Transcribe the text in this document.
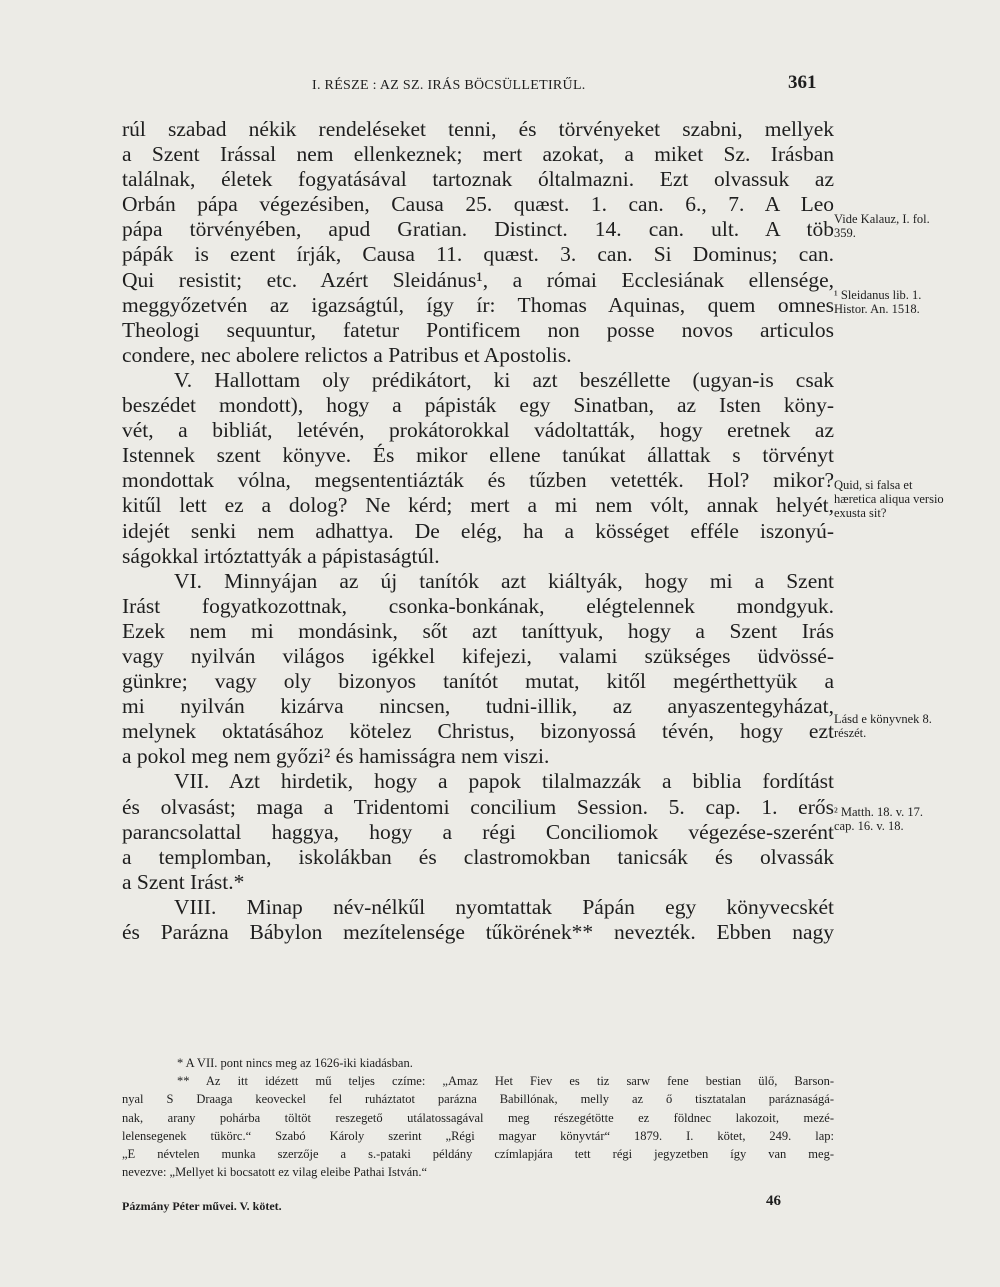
I. RÉSZE : AZ SZ. IRÁS BÖCSÜLLETIRŰL.	361
rúl szabad nékik rendeléseket tenni, és törvényeket szabni, mellyek
a Szent Irással nem ellenkeznek; mert azokat, a miket Sz. Irásban
találnak, életek fogyatásával tartoznak óltalmazni. Ezt olvassuk az
Orbán pápa végezésiben, Causa 25. quæst. 1. can. 6., 7. A Leo
pápa törvényében, apud Gratian. Distinct. 14. can. ult. A töb
pápák is ezent írják, Causa 11. quæst. 3. can. Si Dominus; can.
Qui resistit; etc. Azért Sleidánus¹, a római Ecclesiának ellensége,
meggyőzetvén az igazságtúl, így ír: Thomas Aquinas, quem omnes
Theologi sequuntur, fatetur Pontificem non posse novos articulos
condere, nec abolere relictos a Patribus et Apostolis.
V. Hallottam oly prédikátort, ki azt beszéllette (ugyan-is csak
beszédet mondott), hogy a pápisták egy Sinatban, az Isten köny-
vét, a bibliát, letévén, prokátorokkal vádoltatták, hogy eretnek az
Istennek szent könyve. És mikor ellene tanúkat állattak s törvényt
mondottak vólna, megsententiázták és tűzben vetették. Hol? mikor?
kitűl lett ez a dolog? Ne kérd; mert a mi nem vólt, annak helyét,
idejét senki nem adhattya. De elég, ha a kösséget efféle iszonyú-
ságokkal irtóztattyák a pápistaságtúl.
VI. Minnyájan az új tanítók azt kiáltyák, hogy mi a Szent
Irást fogyatkozottnak, csonka-bonkának, elégtelennek mondgyuk.
Ezek nem mi mondásink, sőt azt taníttyuk, hogy a Szent Irás
vagy nyilván világos igékkel kifejezi, valami szükséges üdvössé-
günkre; vagy oly bizonyos tanítót mutat, kitől megérthettyük a
mi nyilván kizárva nincsen, tudni-illik, az anyaszentegyházat,
melynek oktatásához kötelez Christus, bizonyossá tévén, hogy ezt
a pokol meg nem győzi² és hamisságra nem viszi.
VII. Azt hirdetik, hogy a papok tilalmazzák a biblia fordítást
és olvasást; maga a Tridentomi concilium Session. 5. cap. 1. erős
parancsolattal haggya, hogy a régi Conciliomok végezése-szerént
a templomban, iskolákban és clastromokban tanicsák és olvassák
a Szent Irást.*
VIII. Minap név-nélkűl nyomtattak Pápán egy könyvecskét
és Parázna Bábylon mezítelensége tűkörének** nevezték. Ebben nagy
Vide Kalauz, I. fol. 359.
¹ Sleidanus lib. 1. Histor. An. 1518.
Quid, si falsa et hæretica aliqua versio exusta sit?
Lásd e könyvnek 8. részét.
² Matth. 18. v. 17. cap. 16. v. 18.
* A VII. pont nincs meg az 1626-iki kiadásban.
** Az itt idézett mű teljes czíme: „Amaz Het Fiev es tiz sarw fene bestian ülő, Barson-
nyal S Draaga keoveckel fel ruháztatot parázna Babillónak, melly az ő tisztatalan paráznaságá-
nak, arany pohárba töltöt reszegető utálatossagával meg részegétötte ez földnec lakozoit, mezé-
lelensegenek tükörc.“ Szabó Károly szerint „Régi magyar könyvtár“ 1879. I. kötet, 249. lap:
„E névtelen munka szerzője a s.-pataki példány czímlapjára tett régi jegyzetben így van meg-
nevezve: „Mellyet ki bocsatott ez vilag eleibe Pathai István.“
Pázmány Péter művei. V. kötet.	46
